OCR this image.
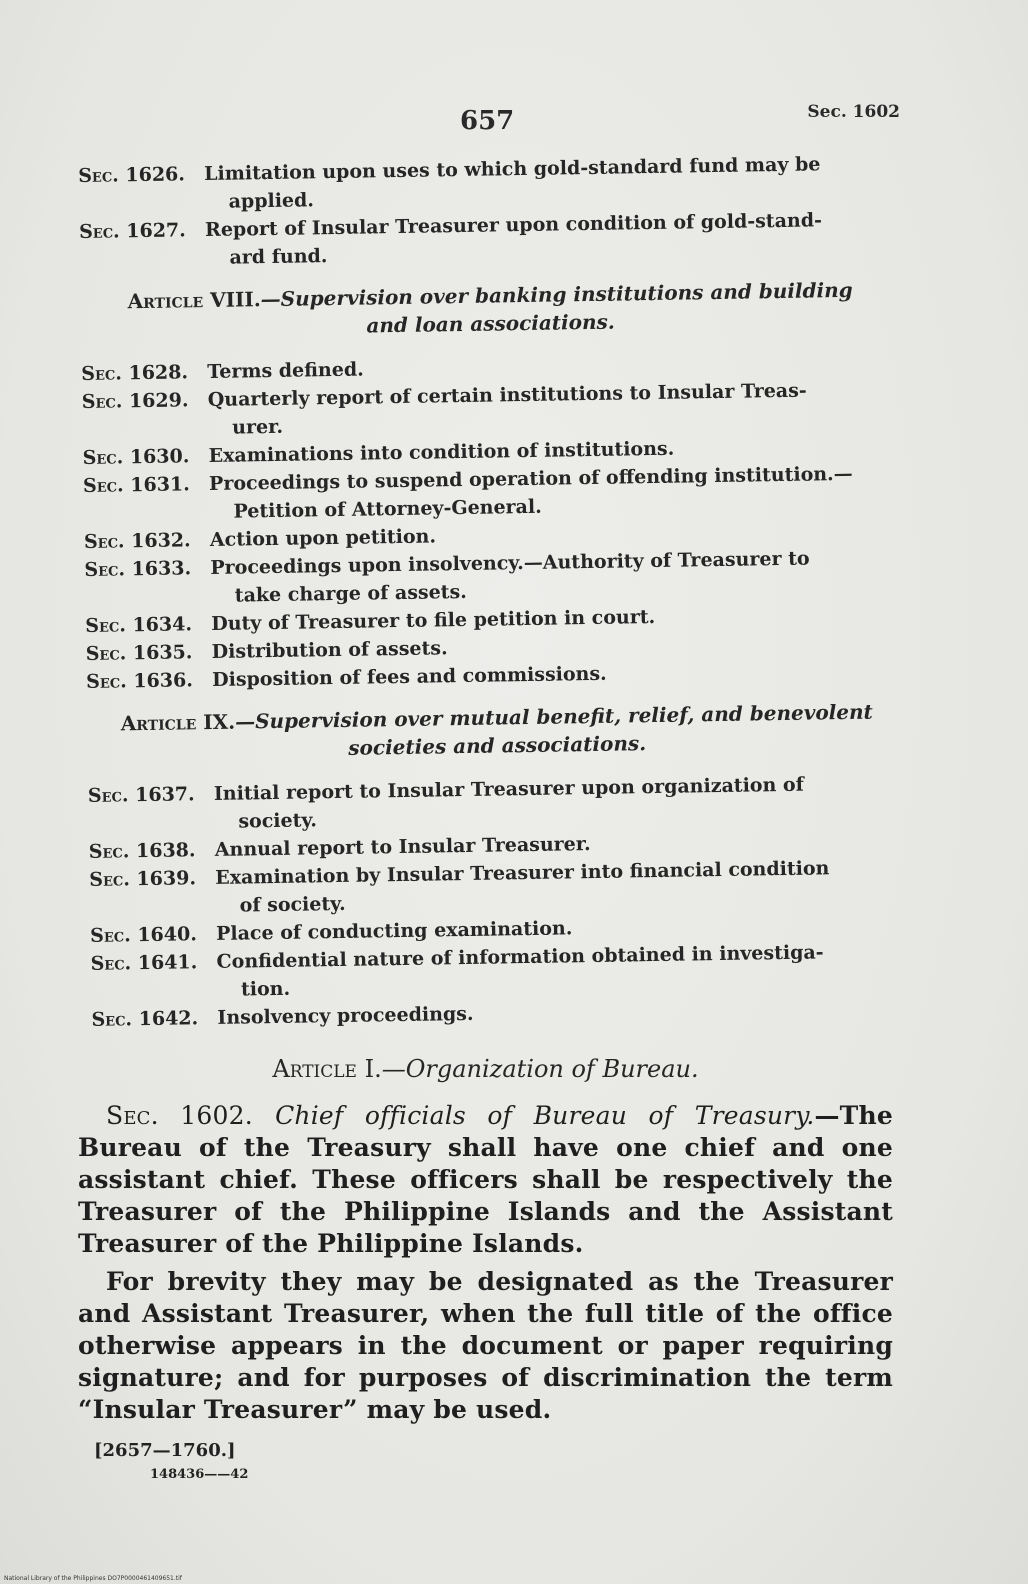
657	Sec. 1602
Sec. 1626. Limitation upon uses to which gold-standard fund may be
applied.
Sec. 1627. Report of Insular Treasurer upon condition of gold-stand-
ard fund.
Article VIII.—Supervision over banking institutions and building
and loan associations.
Sec. 1628. Terms defined.
Sec. 1629. Quarterly report of certain institutions to Insular Treas-
urer.
Sec. 1630. Examinations into condition of institutions.
Sec. 1631. Proceedings to suspend operation of offending institution.—
Petition of Attorney-General.
Sec. 1632. Action upon petition.
Sec. 1633. Proceedings upon insolvency.—Authority of Treasurer to
take charge of assets.
Sec. 1634. Duty of Treasurer to file petition in court.
Sec. 1635. Distribution of assets.
Sec. 1636. Disposition of fees and commissions.
Article IX.—Supervision over mutual benefit, relief, and benevolent
societies and associations.
Sec. 1637. Initial report to Insular Treasurer upon organization of
society.
Sec. 1638. Annual report to Insular Treasurer.
Sec. 1639. Examination by Insular Treasurer into financial condition
of society.
Sec. 1640. Place of conducting examination.
Sec. 1641. Confidential nature of information obtained in investiga-
tion.
Sec. 1642. Insolvency proceedings.
Article I.—Organization of Bureau.

Sec. 1602. Chief officials of Bureau of Treasury.—The Bureau of the Treasury shall have one chief and one assistant chief. These officers shall be respectively the Treasurer of the Philippine Islands and the Assistant Treasurer of the Philippine Islands.

For brevity they may be designated as the Treasurer and Assistant Treasurer, when the full title of the office otherwise appears in the document or paper requiring signature; and for purposes of discrimination the term “Insular Treasurer” may be used.

[2657—1760.]
148436——42
National Library of the Philippines DO7P0000461409651.tif
